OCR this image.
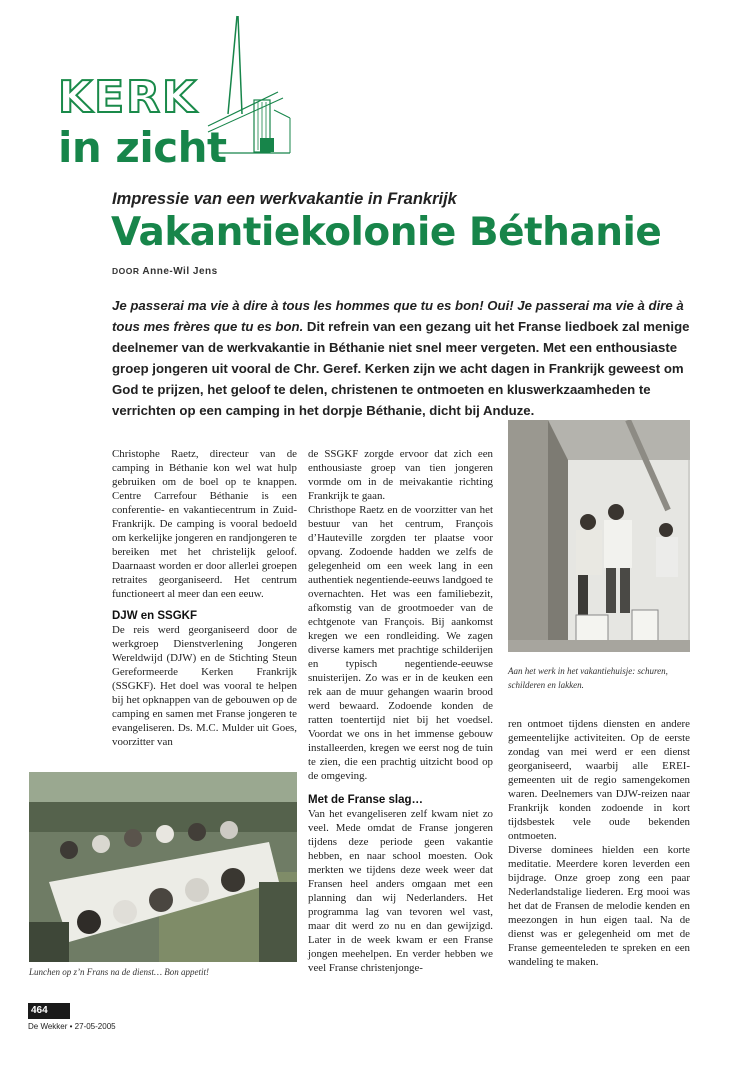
KERK
in zicht
Impressie van een werkvakantie in Frankrijk
Vakantiekolonie Béthanie
DOOR Anne-Wil Jens
Je passerai ma vie à dire à tous les hommes que tu es bon! Oui! Je passerai ma vie à dire à tous mes frères que tu es bon. Dit refrein van een gezang uit het Franse liedboek zal menige deelnemer van de werkvakantie in Béthanie niet snel meer vergeten. Met een enthousiaste groep jongeren uit vooral de Chr. Geref. Kerken zijn we acht dagen in Frankrijk geweest om God te prijzen, het geloof te delen, christenen te ontmoeten en kluswerkzaamheden te verrichten op een camping in het dorpje Béthanie, dicht bij Anduze.

Christophe Raetz, directeur van de camping in Béthanie kon wel wat hulp gebruiken om de boel op te knappen. Centre Carrefour Béthanie is een conferentie- en vakantiecentrum in Zuid-Frankrijk. De camping is vooral bedoeld om kerkelijke jongeren en randjongeren te bereiken met het christelijk geloof. Daarnaast worden er door allerlei groepen retraites georganiseerd. Het centrum functioneert al meer dan een eeuw.

DJW en SSGKF

De reis werd georganiseerd door de werkgroep Dienstverlening Jongeren Wereldwijd (DJW) en de Stichting Steun Gereformeerde Kerken Frankrijk (SSGKF). Het doel was vooral te helpen bij het opknappen van de gebouwen op de camping en samen met Franse jongeren te evangeliseren. Ds. M.C. Mulder uit Goes, voorzitter van

de SSGKF zorgde ervoor dat zich een enthousiaste groep van tien jongeren vormde om in de meivakantie richting Frankrijk te gaan.

Christhope Raetz en de voorzitter van het bestuur van het centrum, François d’Hauteville zorgden ter plaatse voor opvang. Zodoende hadden we zelfs de gelegenheid om een week lang in een authentiek negentiende-eeuws landgoed te overnachten. Het was een familiebezit, afkomstig van de grootmoeder van de echtgenote van François. Bij aankomst kregen we een rondleiding. We zagen diverse kamers met prachtige schilderijen en typisch negentiende-eeuwse snuisterijen. Zo was er in de keuken een rek aan de muur gehangen waarin brood werd bewaard. Zodoende konden de ratten toentertijd niet bij het voedsel. Voordat we ons in het immense gebouw installeerden, kregen we eerst nog de tuin te zien, die een prachtig uitzicht bood op de omgeving.

Met de Franse slag…

Van het evangeliseren zelf kwam niet zo veel. Mede omdat de Franse jongeren tijdens deze periode geen vakantie hebben, en naar school moesten. Ook merkten we tijdens deze week weer dat Fransen heel anders omgaan met een planning dan wij Nederlanders. Het programma lag van tevoren wel vast, maar dit werd zo nu en dan gewijzigd. Later in de week kwam er een Franse jongen meehelpen. En verder hebben we veel Franse christenjonge-

ren ontmoet tijdens diensten en andere gemeentelijke activiteiten. Op de eerste zondag van mei werd er een dienst georganiseerd, waarbij alle EREI-gemeenten uit de regio samengekomen waren. Deelnemers van DJW-reizen naar Frankrijk konden zodoende in kort tijdsbestek vele oude bekenden ontmoeten.

Diverse dominees hielden een korte meditatie. Meerdere koren leverden een bijdrage. Onze groep zong een paar Nederlandstalige liederen. Erg mooi was het dat de Fransen de melodie kenden en meezongen in hun eigen taal. Na de dienst was er gelegenheid om met de Franse gemeenteleden te spreken en een wandeling te maken.

Aan het werk in het vakantiehuisje: schuren, schilderen en lakken.
Lunchen op z’n Frans na de dienst… Bon appetit!
464
De Wekker • 27-05-2005
